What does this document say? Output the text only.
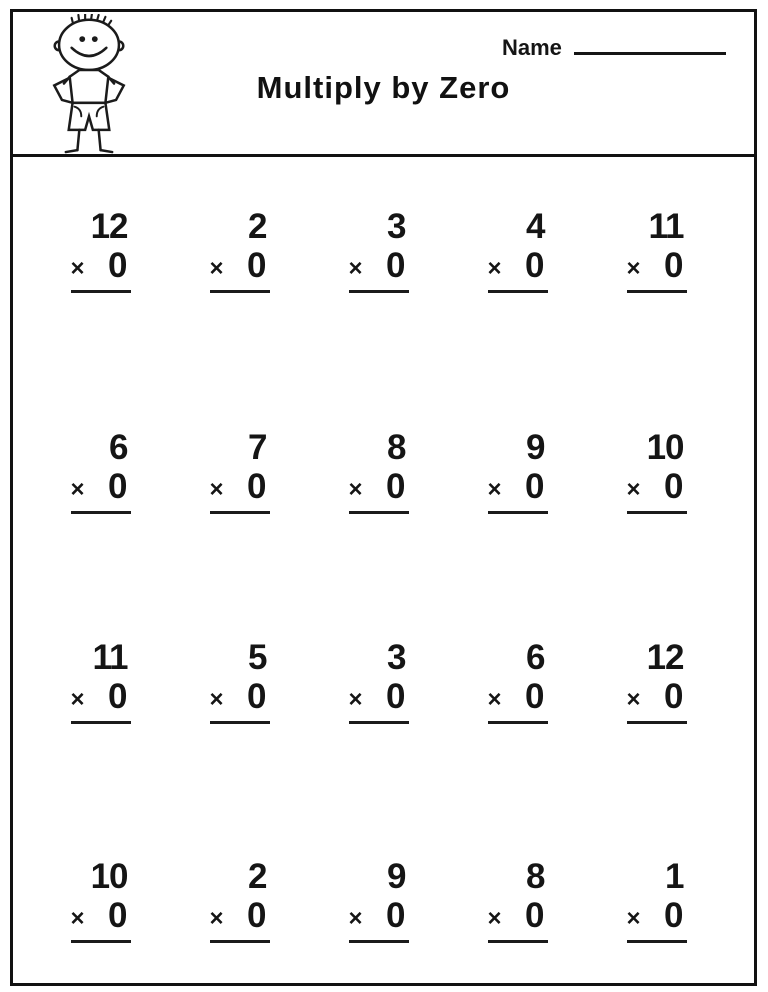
Name
Multiply by Zero
12
× 0
2
× 0
3
× 0
4
× 0
11
× 0
6
× 0
7
× 0
8
× 0
9
× 0
10
× 0
11
× 0
5
× 0
3
× 0
6
× 0
12
× 0
10
× 0
2
× 0
9
× 0
8
× 0
1
× 0
